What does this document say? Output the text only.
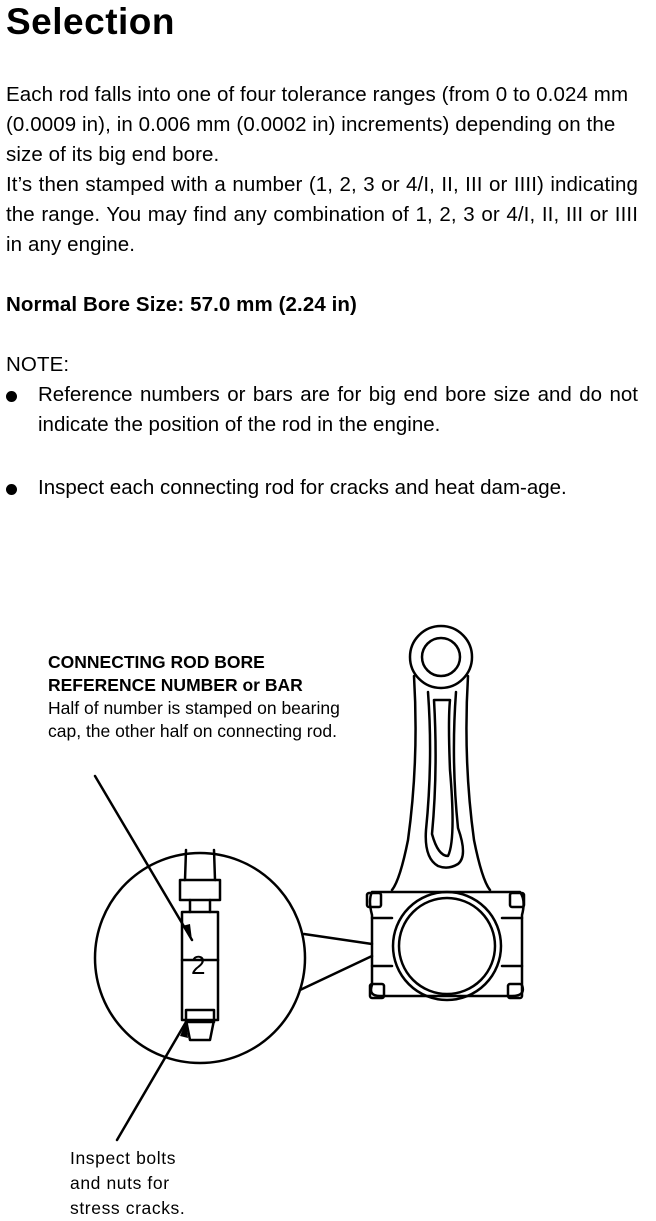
Selection

Each rod falls into one of four tolerance ranges (from 0 to 0.024 mm (0.0009 in), in 0.006 mm (0.0002 in) increments) depending on the size of its big end bore.

It’s then stamped with a number (1, 2, 3 or 4/I, II, III or IIII) indicating the range. You may find any combination of 1, 2, 3 or 4/I, II, III or IIII in any engine.

Normal Bore Size: 57.0 mm (2.24 in)

NOTE:

Reference numbers or bars are for big end bore size and do not indicate the position of the rod in the engine.

Inspect each connecting rod for cracks and heat dam-age.

CONNECTING ROD BORE
REFERENCE NUMBER or BAR
Half of number is stamped on bearing cap, the other half on connecting rod.
Inspect bolts
and nuts for
stress cracks.
2
